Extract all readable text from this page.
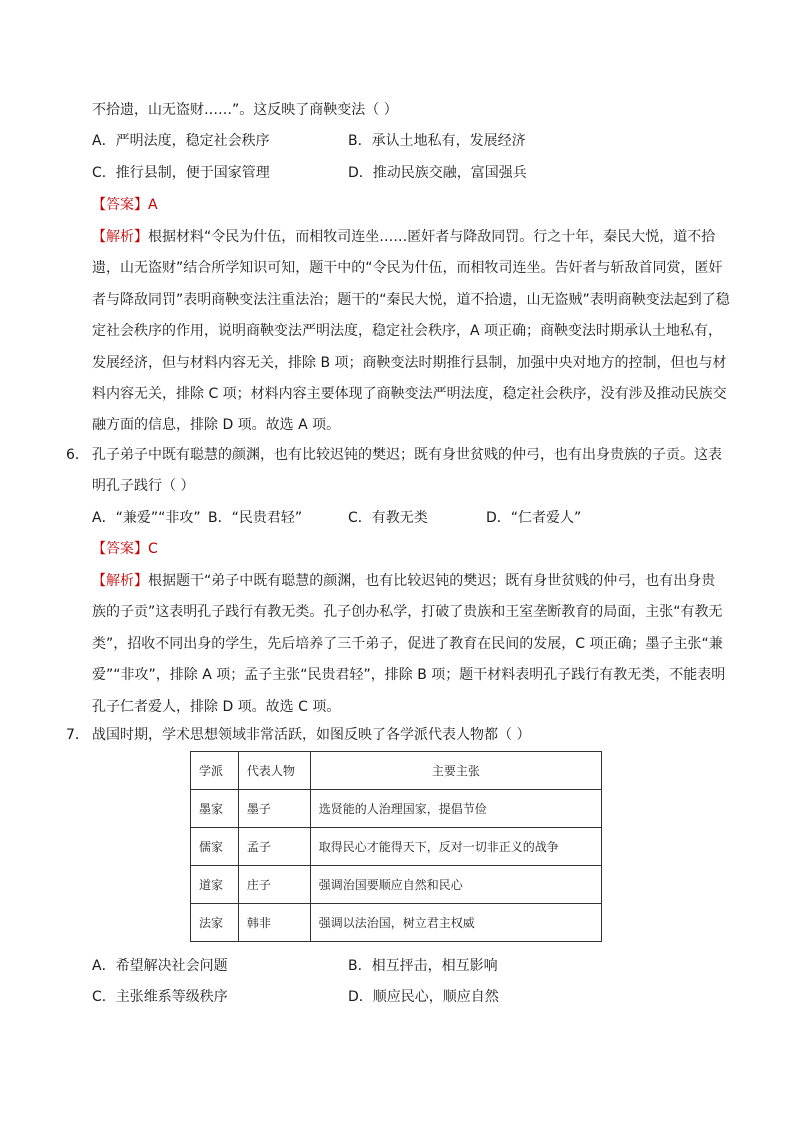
不拾遗，山无盗财……”。这反映了商鞅变法（ ）
A．严明法度，稳定社会秩序	B．承认土地私有，发展经济
C．推行县制，便于国家管理	D．推动民族交融，富国强兵
【答案】A
【解析】根据材料“令民为什伍，而相牧司连坐……匿奸者与降敌同罚。行之十年，秦民大悦，道不拾
遗，山无盗财”结合所学知识可知，题干中的“令民为什伍，而相牧司连坐。告奸者与斩敌首同赏，匿奸
者与降敌同罚”表明商鞅变法注重法治；题干的“秦民大悦，道不拾遗，山无盗贼”表明商鞅变法起到了稳
定社会秩序的作用，说明商鞅变法严明法度，稳定社会秩序，A 项正确；商鞅变法时期承认土地私有，
发展经济，但与材料内容无关，排除 B 项；商鞅变法时期推行县制，加强中央对地方的控制，但也与材
料内容无关，排除 C 项；材料内容主要体现了商鞅变法严明法度，稳定社会秩序，没有涉及推动民族交
融方面的信息，排除 D 项。故选 A 项。
6． 孔子弟子中既有聪慧的颜渊，也有比较迟钝的樊迟；既有身世贫贱的仲弓，也有出身贵族的子贡。这表
明孔子践行（ ）
A．“兼爱”“非攻” B．“民贵君轻”	C．有教无类	D．“仁者爱人”
【答案】C
【解析】根据题干“弟子中既有聪慧的颜渊，也有比较迟钝的樊迟；既有身世贫贱的仲弓，也有出身贵
族的子贡”这表明孔子践行有教无类。孔子创办私学，打破了贵族和王室垄断教育的局面，主张“有教无
类”，招收不同出身的学生，先后培养了三千弟子，促进了教育在民间的发展，C 项正确；墨子主张“兼
爱”“非攻”，排除 A 项；孟子主张“民贵君轻”，排除 B 项；题干材料表明孔子践行有教无类，不能表明
孔子仁者爱人，排除 D 项。故选 C 项。
7． 战国时期，学术思想领域非常活跃，如图反映了各学派代表人物都（ ）
学派	代表人物	主要主张
墨家	墨子	选贤能的人治理国家，提倡节俭
儒家	孟子	取得民心才能得天下，反对一切非正义的战争
道家	庄子	强调治国要顺应自然和民心
法家	韩非	强调以法治国，树立君主权威
A．希望解决社会问题	B．相互抨击，相互影响
C．主张维系等级秩序	D．顺应民心，顺应自然
